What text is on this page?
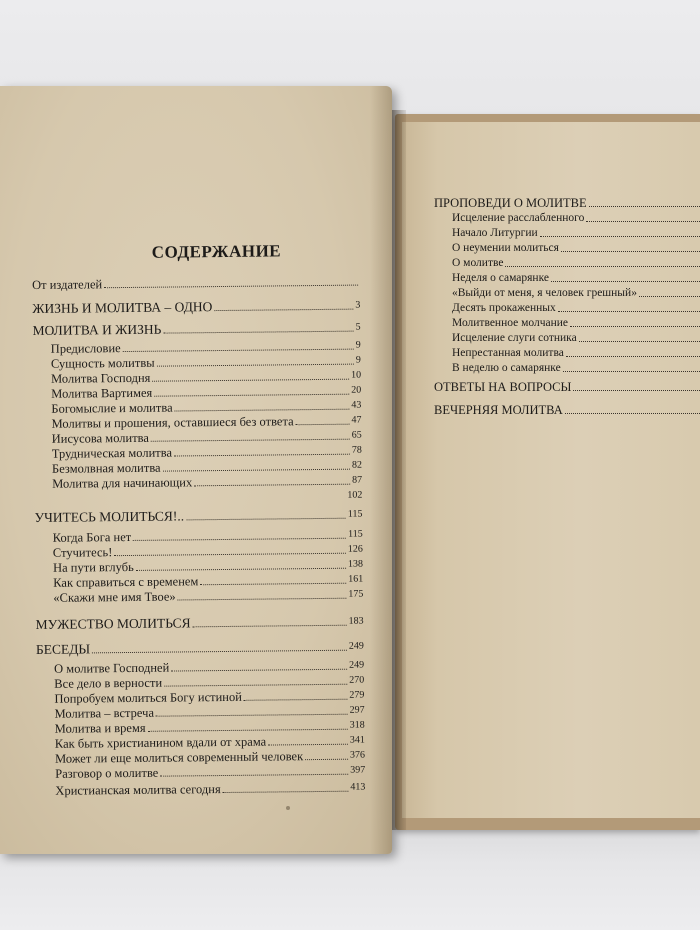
ПРОПОВЕДИ О МОЛИТВЕ
Исцеление расслабленного
Начало Литургии
О неумении молиться
О молитве
Неделя о самарянке
«Выйди от меня, я человек грешный»
Десять прокаженных
Молитвенное молчание
Исцеление слуги сотника
Непрестанная молитва
В неделю о самарянке
ОТВЕТЫ НА ВОПРОСЫ
ВЕЧЕРНЯЯ МОЛИТВА
СОДЕРЖАНИЕ
От издателей
ЖИЗНЬ И МОЛИТВА – ОДНО	3
МОЛИТВА И ЖИЗНЬ	5
Предисловие	9
Сущность молитвы	9
Молитва Господня	10
Молитва Вартимея	20
Богомыслие и молитва	43
Молитвы и прошения, оставшиеся без ответа	47
Иисусова молитва	65
Трудническая молитва	78
Безмолвная молитва	82
Молитва для начинающих	87
102
УЧИТЕСЬ МОЛИТЬСЯ!..	115
Когда Бога нет	115
Стучитесь!	126
На пути вглубь	138
Как справиться с временем	161
«Скажи мне имя Твое»	175
МУЖЕСТВО МОЛИТЬСЯ	183
БЕСЕДЫ	249
О молитве Господней	249
Все дело в верности	270
Попробуем молиться Богу истиной	279
Молитва – встреча	297
Молитва и время	318
Как быть христианином вдали от храма	341
Может ли еще молиться современный человек	376
Разговор о молитве	397
Христианская молитва сегодня	413
